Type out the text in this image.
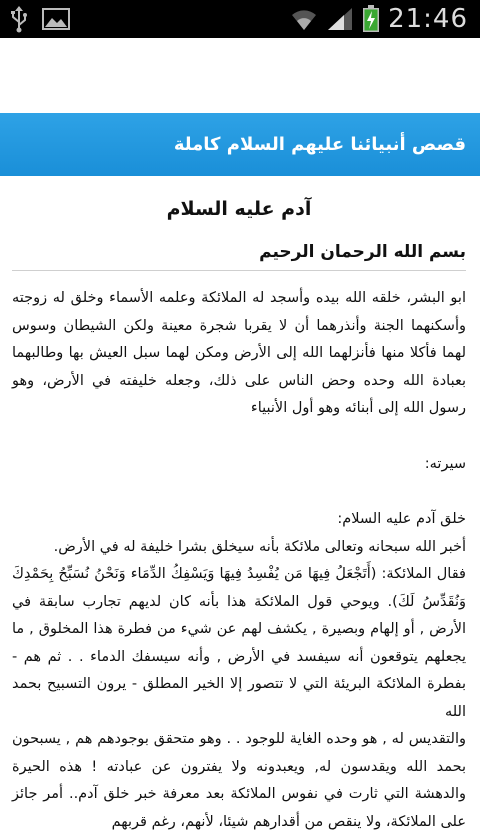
21:46
قصص أنبيائنا عليهم السلام كاملة
آدم عليه السلام
بسم الله الرحمان الرحيم

ابو البشر، خلقه الله بيده وأسجد له الملائكة وعلمه الأسماء وخلق له زوجته وأسكنهما الجنة وأنذرهما أن لا يقربا شجرة معينة ولكن الشيطان وسوس لهما فأكلا منها فأنزلهما الله إلى الأرض ومكن لهما سبل العيش بها وطالبهما بعبادة الله وحده وحض الناس على ذلك، وجعله خليفته في الأرض، وهو رسول الله إلى أبنائه وهو أول الأنبياء

سيرته:

خلق آدم عليه السلام:

أخبر الله سبحانه وتعالى ملائكة بأنه سيخلق بشرا خليفة له في الأرض.

فقال الملائكة: (أَتَجْعَلُ فِيهَا مَن يُفْسِدُ فِيهَا وَيَسْفِكُ الدِّمَاء وَنَحْنُ نُسَبِّحُ بِحَمْدِكَ وَنُقَدِّسُ لَكَ). ويوحي قول الملائكة هذا بأنه كان لديهم تجارب سابقة في الأرض , أو إلهام وبصيرة , يكشف لهم عن شيء من فطرة هذا المخلوق , ما يجعلهم يتوقعون أنه سيفسد في الأرض , وأنه سيسفك الدماء . . ثم هم - بفطرة الملائكة البريئة التي لا تتصور إلا الخير المطلق - يرون التسبيح بحمد الله

والتقديس له , هو وحده الغاية للوجود . . وهو متحقق بوجودهم هم , يسبحون بحمد الله ويقدسون له, ويعبدونه ولا يفترون عن عبادته ! هذه الحيرة والدهشة التي ثارت في نفوس الملائكة بعد معرفة خبر خلق آدم.. أمر جائز على الملائكة، ولا ينقص من أقدارهم شيئا، لأنهم، رغم قربهم
